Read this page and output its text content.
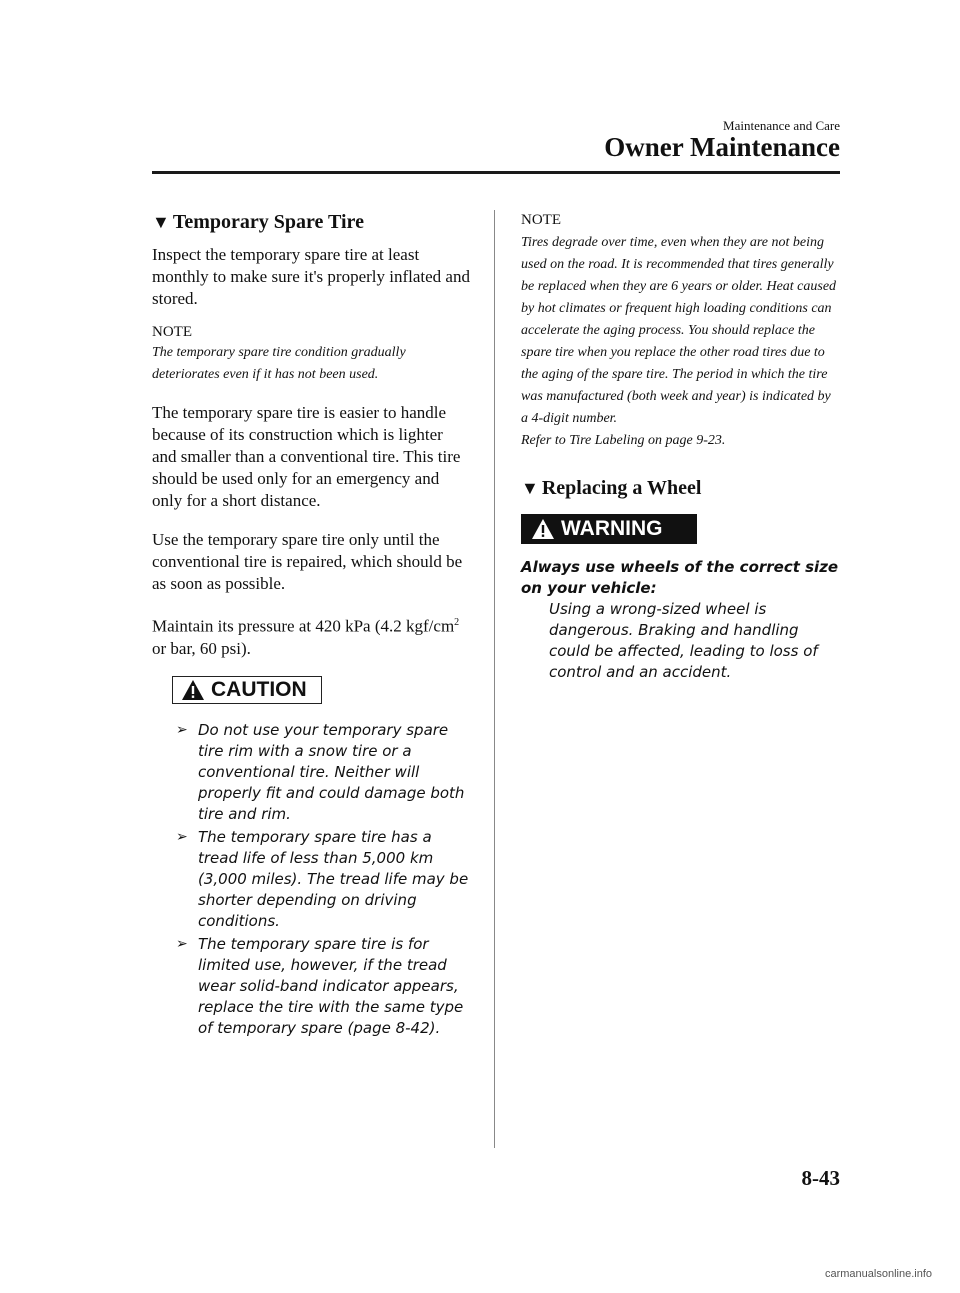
Maintenance and Care
Owner Maintenance
▼ Temporary Spare Tire

Inspect the temporary spare tire at least monthly to make sure it's properly inflated and stored.

NOTE

The temporary spare tire condition gradually deteriorates even if it has not been used.

The temporary spare tire is easier to handle because of its construction which is lighter and smaller than a conventional tire. This tire should be used only for an emergency and only for a short distance.

Use the temporary spare tire only until the conventional tire is repaired, which should be as soon as possible.

Maintain its pressure at 420 kPa (4.2 kgf/$cm^2$ or bar, 60 psi).

CAUTION
➢ Do not use your temporary spare tire rim with a snow tire or a conventional tire. Neither will properly fit and could damage both tire and rim.
➢ The temporary spare tire has a tread life of less than 5,000 km (3,000 miles). The tread life may be shorter depending on driving conditions.
➢ The temporary spare tire is for limited use, however, if the tread wear solid-band indicator appears, replace the tire with the same type of temporary spare (page 8-42).

NOTE

Tires degrade over time, even when they are not being used on the road. It is recommended that tires generally be replaced when they are 6 years or older. Heat caused by hot climates or frequent high loading conditions can accelerate the aging process. You should replace the spare tire when you replace the other road tires due to the aging of the spare tire. The period in which the tire was manufactured (both week and year) is indicated by a 4-digit number.

Refer to Tire Labeling on page 9-23.

▼ Replacing a Wheel
WARNING

Always use wheels of the correct size on your vehicle:

Using a wrong-sized wheel is dangerous. Braking and handling could be affected, leading to loss of control and an accident.

8-43
carmanualsonline.info
